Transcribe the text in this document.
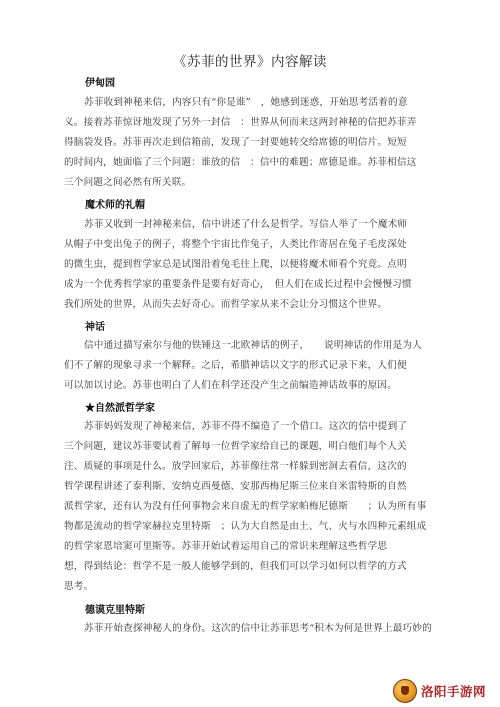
《苏菲的世界》内容解读
伊甸园
苏菲收到神秘来信，内容只有“你是谁”　，她感到迷惑，开始思考活着的意
义。接着苏菲惊讶地发现了另外一封信　：世界从何而来这两封神秘的信把苏菲弄
得脑袋发昏。苏菲再次走到信箱前，发现了一封要她转交给席德的明信片。短短
的时间内，她面临了三个问题：谁放的信　：信中的难题；席德是谁。苏菲相信这
三个问题之间必然有所关联。
魔术师的礼帽
苏菲又收到一封神秘来信，信中讲述了什么是哲学。写信人举了一个魔术师
从帽子中变出兔子的例子，将整个宇宙比作兔子，人类比作寄居在兔子毛皮深处
的微生虫，提到哲学家总是试图沿着兔毛往上爬，以便将魔术师看个究竟。点明
成为一个优秀哲学家的重要条件是要有好奇心，　但人们在成长过程中会慢慢习惯
我们所处的世界，从而失去好奇心。而哲学家从来不会让分习惯这个世界。
神话
信中通过描写索尔与他的铁锤这一北欧神话的例子，　　说明神话的作用是为人
们不了解的现象寻求一个解释。之后，希腊神话以文字的形式记录下来，人们便
可以加以讨论。苏菲也明白了人们在科学还没产生之前编造神话故事的原因。
★自然派哲学家
苏菲妈妈发现了神秘来信，苏菲不得不编造了一个借口。这次的信中提到了
三个问题，建议苏菲要试着了解每一位哲学家给自己的课题，明白他们每个人关
注、质疑的事项是什么。放学回家后，苏菲像往常一样躲到密洞去看信，这次的
哲学课程讲述了泰利斯、安纳克西曼德、安那西梅尼斯三位来自米雷特斯的自然
派哲学家，还有认为没有任何事物会来自虚无的哲学家帕梅尼德斯　　；认为所有事
物都是流动的哲学家赫拉克里特斯　；认为大自然是由土、气、火与水四种元素组成
的哲学家恩培窦可里斯等。苏菲开始试着运用自己的常识来理解这些哲学思
想，得到结论：哲学不是一般人能够学到的，但我们可以学习如何以哲学的方式
思考。
德谟克里特斯
苏菲开始查探神秘人的身份。这次的信中让苏菲思考“积木为何是世界上最巧妙的
洛阳手游网
